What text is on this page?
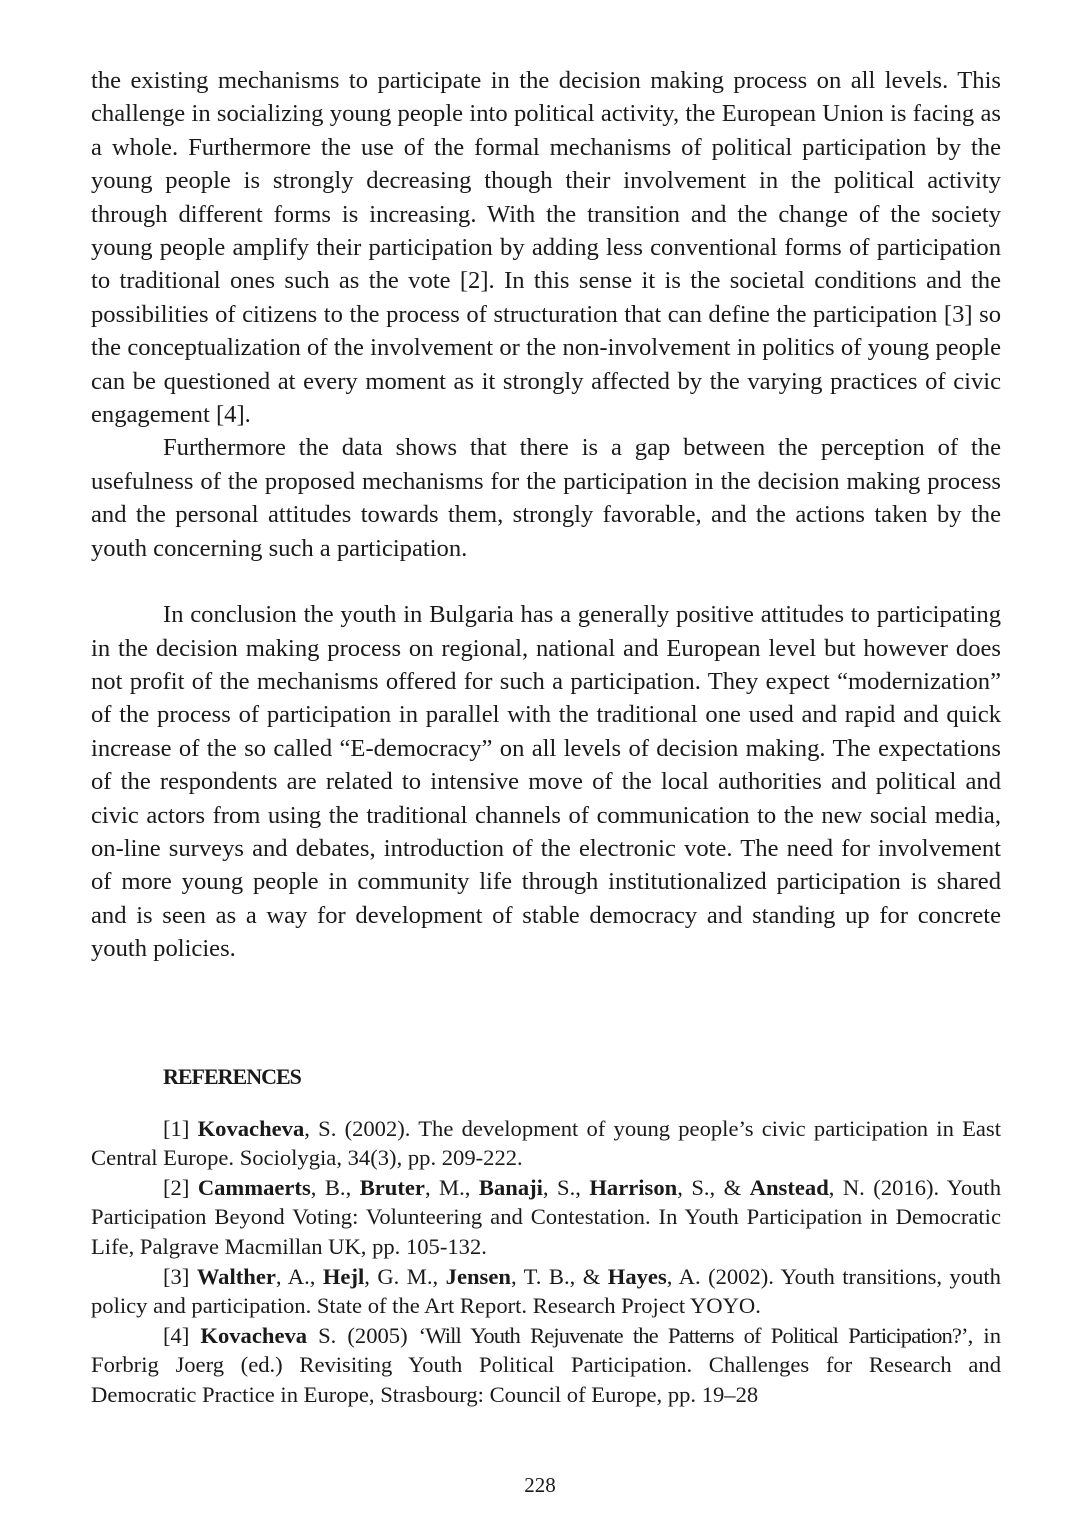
the existing mechanisms to participate in the decision making process on all levels. This challenge in socializing young people into political activity, the European Union is facing as a whole. Furthermore the use of the formal mechanisms of political participation by the young people is strongly decreasing though their involvement in the political activity through different forms is increasing. With the transition and the change of the society young people amplify their participation by adding less conventional forms of participation to traditional ones such as the vote [2]. In this sense it is the societal conditions and the possibilities of citizens to the process of structuration that can define the participation [3] so the conceptualization of the involvement or the non-involvement in politics of young people can be questioned at every moment as it strongly affected by the varying practices of civic engagement [4].

Furthermore the data shows that there is a gap between the perception of the usefulness of the proposed mechanisms for the participation in the decision making process and the personal attitudes towards them, strongly favorable, and the actions taken by the youth concerning such a participation.

In conclusion the youth in Bulgaria has a generally positive attitudes to participating in the decision making process on regional, national and European level but however does not profit of the mechanisms offered for such a participation. They expect “modernization” of the process of participation in parallel with the traditional one used and rapid and quick increase of the so called “E-democracy” on all levels of decision making. The expectations of the respondents are related to intensive move of the local authorities and political and civic actors from using the traditional channels of communication to the new social media, on-line surveys and debates, introduction of the electronic vote. The need for involvement of more young people in community life through institutionalized participation is shared and is seen as a way for development of stable democracy and standing up for concrete youth policies.

REFERENCES

[1] Kovacheva, S. (2002). The development of young people’s civic participation in East Central Europe. Sociolygia, 34(3), pp. 209-222.

[2] Cammaerts, B., Bruter, M., Banaji, S., Harrison, S., & Anstead, N. (2016). Youth Participation Beyond Voting: Volunteering and Contestation. In Youth Participation in Democratic Life, Palgrave Macmillan UK, pp. 105-132.

[3] Walther, A., Hejl, G. M., Jensen, T. B., & Hayes, A. (2002). Youth transitions, youth policy and participation. State of the Art Report. Research Project YOYO.

[4] Kovacheva S. (2005) ‘Will Youth Rejuvenate the Patterns of Political Participation?’, in Forbrig Joerg (ed.) Revisiting Youth Political Participation. Challenges for Research and Democratic Practice in Europe, Strasbourg: Council of Europe, pp. 19–28

228
